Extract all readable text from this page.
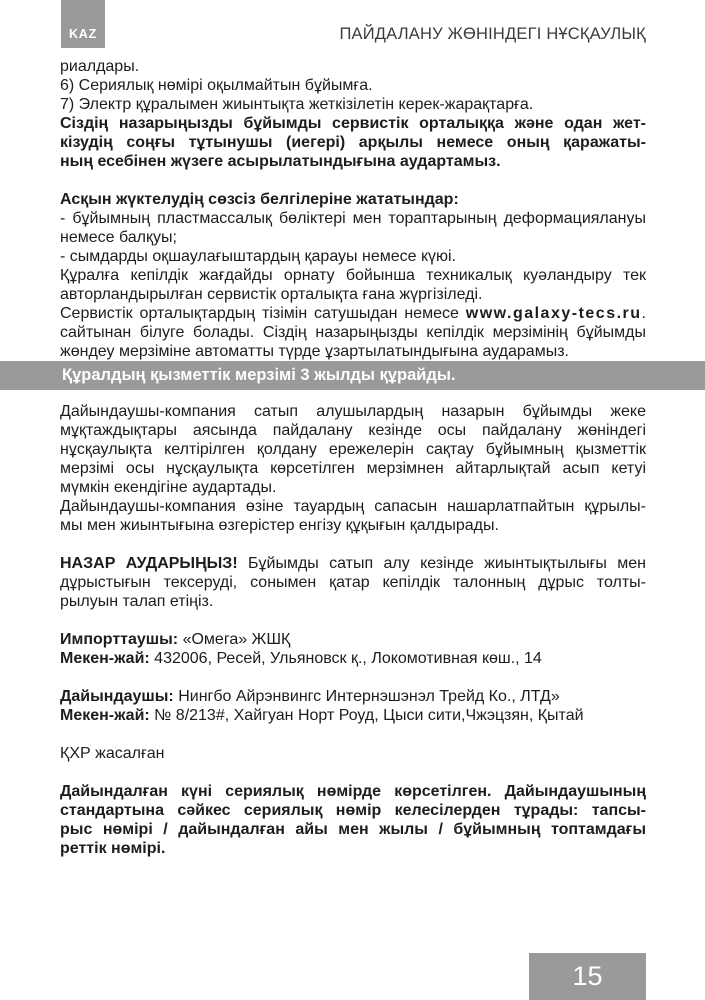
KAZ	ПАЙДАЛАНУ ЖӨНІНДЕГІ НҰСҚАУЛЫҚ
риалдары.
6) Сериялық нөмірі оқылмайтын бұйымға.
7) Электр құралымен жиынтықта жеткізілетін керек-жарақтарға.
Сіздің назарыңызды бұйымды сервистік орталыққа және одан жет-
кізудің соңғы тұтынушы (иегері) арқылы немесе оның қаражаты-
ның есебінен жүзеге асырылатындығына аудартамыз.
Асқын жүктелудің сөзсіз белгілеріне жататындар:
- бұйымның пластмассалық бөліктері мен тораптарының деформациялануы
немесе балқуы;
- сымдарды оқшаулағыштардың қарауы немесе күюі.
Құралға кепілдік жағдайды орнату бойынша техникалық куәландыру тек
авторландырылған сервистік орталықта ғана жүргізіледі.
Сервистік орталықтардың тізімін сатушыдан немесе www.galaxy-tecs.ru.
сайтынан білуге болады. Сіздің назарыңызды кепілдік мерзімінің бұйымды
жөндеу мерзіміне автоматты түрде ұзартылатындығына аударамыз.
Құралдың қызметтік мерзімі 3 жылды құрайды.
Дайындаушы-компания сатып алушылардың назарын бұйымды жеке
мұқтаждықтары аясында пайдалану кезінде осы пайдалану жөніндегі
нұсқаулықта келтірілген қолдану ережелерін сақтау бұйымның қызметтік
мерзімі осы нұсқаулықта көрсетілген мерзімнен айтарлықтай асып кетуі
мүмкін екендігіне аудартады.
Дайындаушы-компания өзіне тауардың сапасын нашарлатпайтын құрылы-
мы мен жиынтығына өзгерістер енгізу құқығын қалдырады.
НАЗАР АУДАРЫҢЫЗ! Бұйымды сатып алу кезінде жиынтықтылығы мен
дұрыстығын тексеруді, сонымен қатар кепілдік талонның дұрыс толты-
рылуын талап етіңіз.
Импорттаушы: «Омега» ЖШҚ
Мекен-жай: 432006, Ресей, Ульяновск қ., Локомотивная көш., 14
Дайындаушы: Нингбо Айрэнвингс Интернэшэнэл Трейд Ко., ЛТД»
Мекен-жай: № 8/213#, Хайгуан Норт Роуд, Цыси сити,Чжэцзян, Қытай
ҚХР жасалған
Дайындалған күні сериялық нөмірде көрсетілген. Дайындаушының
стандартына сәйкес сериялық нөмір келесілерден тұрады: тапсы-
рыс нөмірі / дайындалған айы мен жылы / бұйымның топтамдағы
реттік нөмірі.
15
